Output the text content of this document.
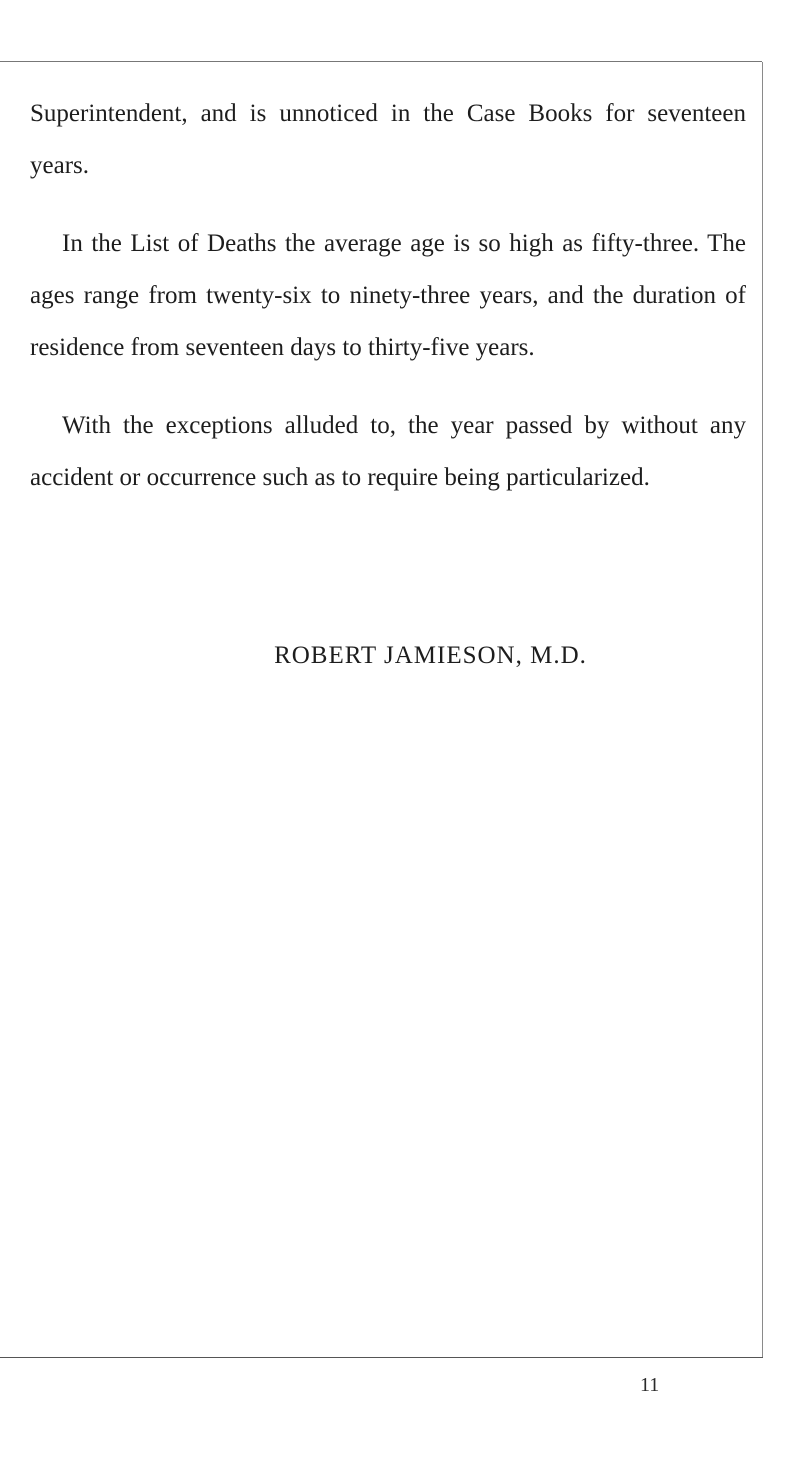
Superintendent, and is unnoticed in the Case Books for seventeen years.

In the List of Deaths the average age is so high as fifty-three. The ages range from twenty-six to ninety-three years, and the duration of residence from seventeen days to thirty-five years.

With the exceptions alluded to, the year passed by without any accident or occurrence such as to require being particularized.

ROBERT JAMIESON, M.D.
11
